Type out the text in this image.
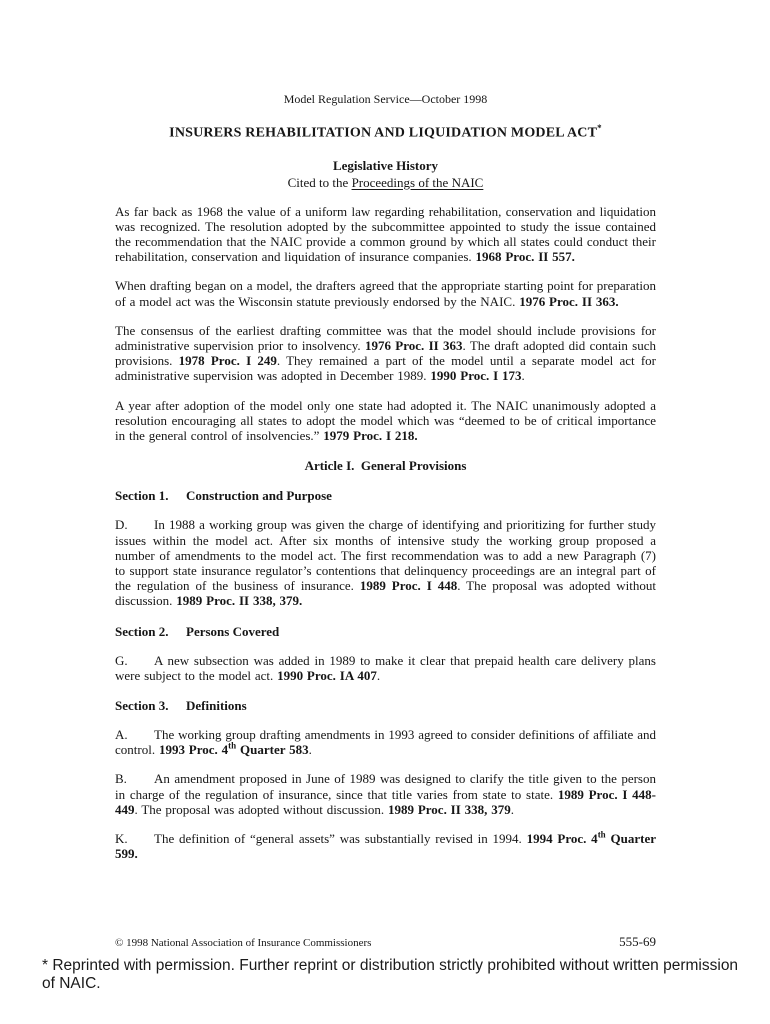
Model Regulation Service—October 1998
INSURERS REHABILITATION AND LIQUIDATION MODEL ACT*
Legislative History
Cited to the Proceedings of the NAIC
As far back as 1968 the value of a uniform law regarding rehabilitation, conservation and liquidation was recognized. The resolution adopted by the subcommittee appointed to study the issue contained the recommendation that the NAIC provide a common ground by which all states could conduct their rehabilitation, conservation and liquidation of insurance companies. 1968 Proc. II 557.
When drafting began on a model, the drafters agreed that the appropriate starting point for preparation of a model act was the Wisconsin statute previously endorsed by the NAIC. 1976 Proc. II 363.
The consensus of the earliest drafting committee was that the model should include provisions for administrative supervision prior to insolvency. 1976 Proc. II 363. The draft adopted did contain such provisions. 1978 Proc. I 249. They remained a part of the model until a separate model act for administrative supervision was adopted in December 1989. 1990 Proc. I 173.
A year after adoption of the model only one state had adopted it. The NAIC unanimously adopted a resolution encouraging all states to adopt the model which was “deemed to be of critical importance in the general control of insolvencies.” 1979 Proc. I 218.
Article I.  General Provisions
Section 1. Construction and Purpose
D. In 1988 a working group was given the charge of identifying and prioritizing for further study issues within the model act. After six months of intensive study the working group proposed a number of amendments to the model act. The first recommendation was to add a new Paragraph (7) to support state insurance regulator’s contentions that delinquency proceedings are an integral part of the regulation of the business of insurance. 1989 Proc. I 448. The proposal was adopted without discussion. 1989 Proc. II 338, 379.
Section 2. Persons Covered
G. A new subsection was added in 1989 to make it clear that prepaid health care delivery plans were subject to the model act. 1990 Proc. IA 407.
Section 3. Definitions
A. The working group drafting amendments in 1993 agreed to consider definitions of affiliate and control. 1993 Proc. 4th Quarter 583.
B. An amendment proposed in June of 1989 was designed to clarify the title given to the person in charge of the regulation of insurance, since that title varies from state to state. 1989 Proc. I 448-449. The proposal was adopted without discussion. 1989 Proc. II 338, 379.
K. The definition of “general assets” was substantially revised in 1994. 1994 Proc. 4th Quarter 599.
© 1998 National Association of Insurance Commissioners	555-69
* Reprinted with permission. Further reprint or distribution strictly prohibited without written permission of NAIC.
